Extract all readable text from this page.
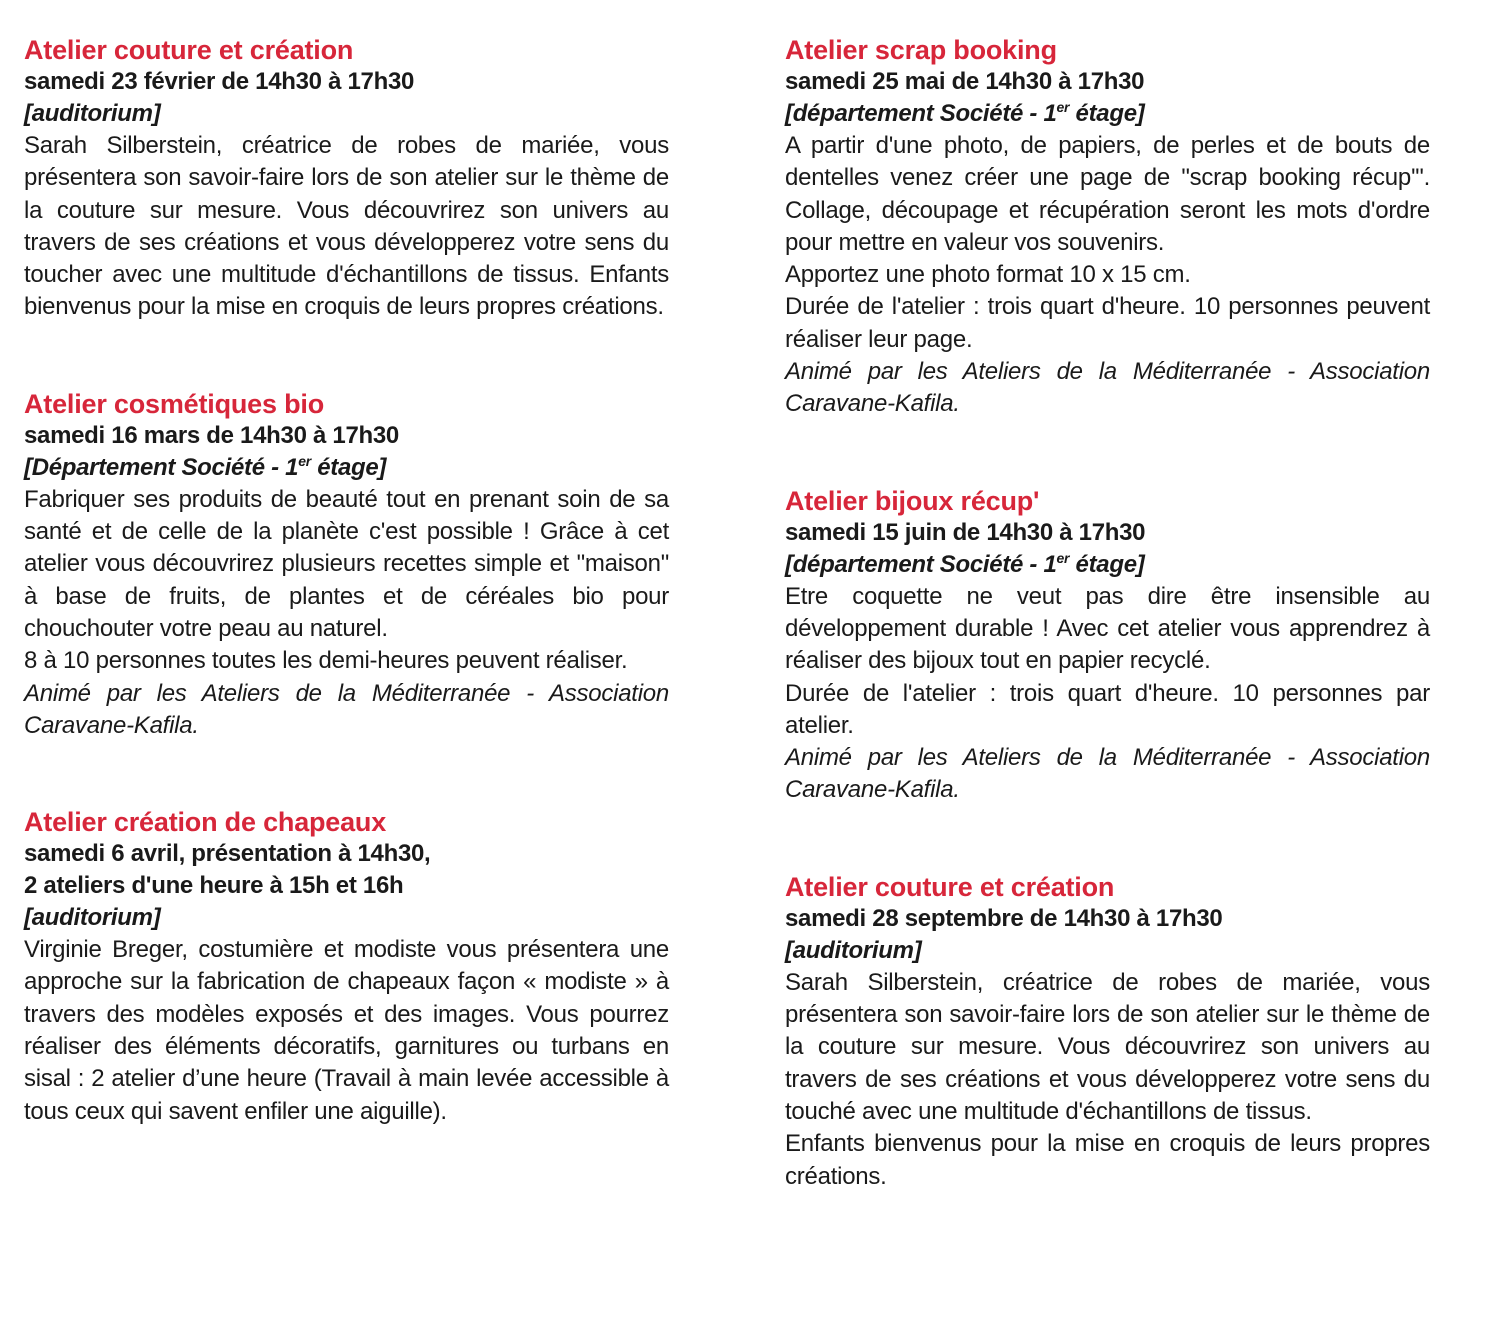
Atelier couture et création

samedi 23 février de 14h30 à 17h30

[auditorium]

Sarah Silberstein, créatrice de robes de mariée, vous présentera son savoir-faire lors de son atelier sur le thème de la couture sur mesure. Vous découvrirez son univers au travers de ses créations et vous développerez votre sens du toucher avec une multitude d'échantillons de tissus. Enfants bienvenus pour la mise en croquis de leurs propres créations.

Atelier cosmétiques bio

samedi 16 mars de 14h30 à 17h30

[Département Société - 1er étage]

Fabriquer ses produits de beauté tout en prenant soin de sa santé et de celle de la planète c'est possible ! Grâce à cet atelier vous découvrirez plusieurs recettes simple et "maison" à base de fruits, de plantes et de céréales bio pour chouchouter votre peau au naturel.

8 à 10 personnes toutes les demi-heures peuvent réaliser.

Animé par les Ateliers de la Méditerranée - Association Caravane-Kafila.

Atelier création de chapeaux

samedi 6 avril, présentation à 14h30,

2 ateliers d'une heure à 15h et 16h

[auditorium]

Virginie Breger, costumière et modiste vous présentera une approche sur la fabrication de chapeaux façon « modiste » à travers des modèles exposés et des images. Vous pourrez réaliser des éléments décoratifs, garnitures ou turbans en sisal : 2 atelier d’une heure (Travail à main levée accessible à tous ceux qui savent enfiler une aiguille).

Atelier scrap booking

samedi 25 mai de 14h30 à 17h30

[département Société - 1er étage]

A partir d'une photo, de papiers, de perles et de bouts de dentelles venez créer une page de "scrap booking récup'". Collage, découpage et récupération seront les mots d'ordre pour mettre en valeur vos souvenirs.

Apportez une photo format 10 x 15 cm.

Durée de l'atelier : trois quart d'heure. 10 personnes peuvent réaliser leur page.

Animé par les Ateliers de la Méditerranée - Association Caravane-Kafila.

Atelier bijoux récup'

samedi 15 juin de 14h30 à 17h30

[département Société - 1er étage]

Etre coquette ne veut pas dire être insensible au développement durable ! Avec cet atelier vous apprendrez à réaliser des bijoux tout en papier recyclé.

Durée de l'atelier : trois quart d'heure. 10 personnes par atelier.

Animé par les Ateliers de la Méditerranée - Association Caravane-Kafila.

Atelier couture et création

samedi 28 septembre de 14h30 à 17h30

[auditorium]

Sarah Silberstein, créatrice de robes de mariée, vous présentera son savoir-faire lors de son atelier sur le thème de la couture sur mesure. Vous découvrirez son univers au travers de ses créations et vous développerez votre sens du touché avec une multitude d'échantillons de tissus.

Enfants bienvenus pour la mise en croquis de leurs propres créations.
